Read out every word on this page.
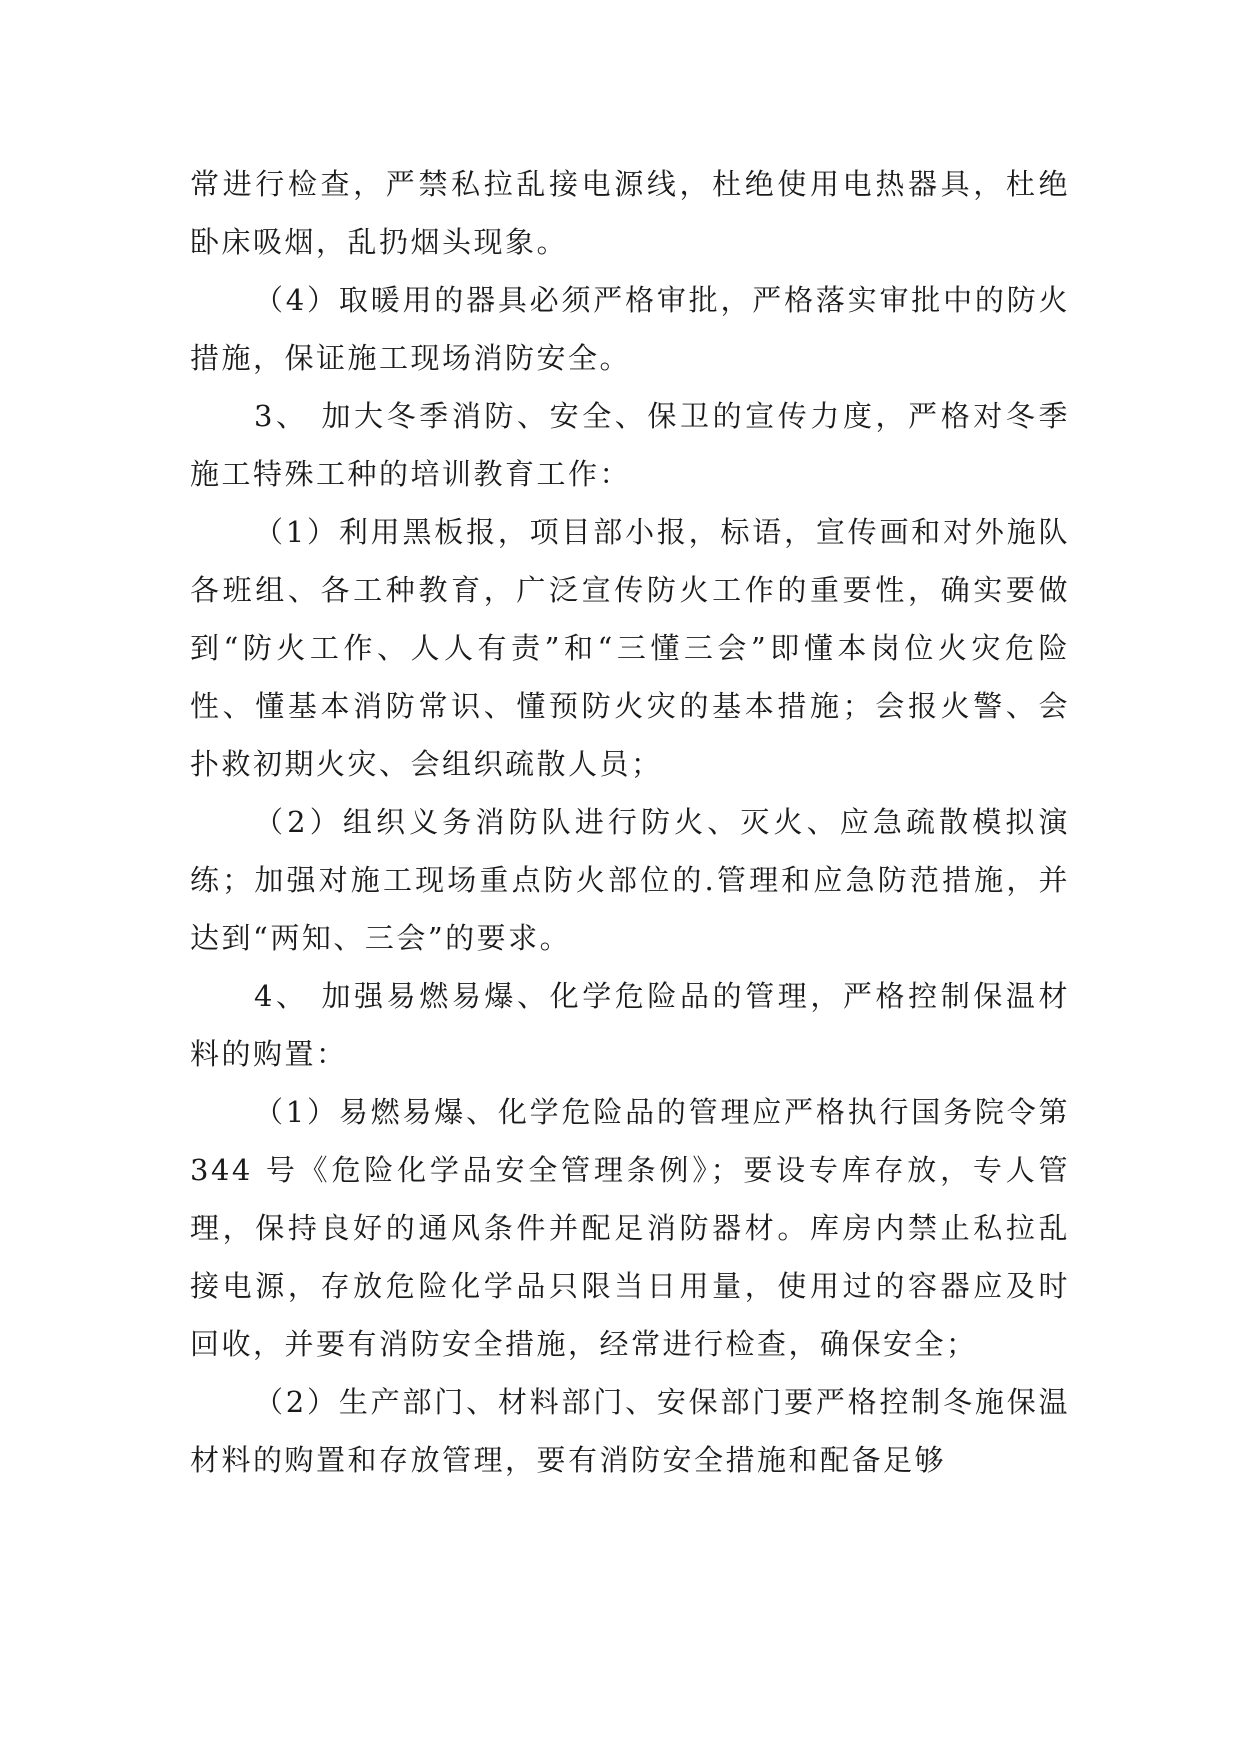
常进行检查，严禁私拉乱接电源线，杜绝使用电热器具，杜绝卧床吸烟，乱扔烟头现象。

（4）取暖用的器具必须严格审批，严格落实审批中的防火措施，保证施工现场消防安全。

3、 加大冬季消防、安全、保卫的宣传力度，严格对冬季施工特殊工种的培训教育工作：

（1）利用黑板报，项目部小报，标语，宣传画和对外施队各班组、各工种教育，广泛宣传防火工作的重要性，确实要做到“防火工作、人人有责”和“三懂三会”即懂本岗位火灾危险性、懂基本消防常识、懂预防火灾的基本措施；会报火警、会扑救初期火灾、会组织疏散人员；

（2）组织义务消防队进行防火、灭火、应急疏散模拟演练；加强对施工现场重点防火部位的.管理和应急防范措施，并达到“两知、三会”的要求。

4、 加强易燃易爆、化学危险品的管理，严格控制保温材料的购置：

（1）易燃易爆、化学危险品的管理应严格执行国务院令第 344 号《危险化学品安全管理条例》；要设专库存放，专人管理，保持良好的通风条件并配足消防器材。库房内禁止私拉乱接电源，存放危险化学品只限当日用量，使用过的容器应及时回收，并要有消防安全措施，经常进行检查，确保安全；

（2）生产部门、材料部门、安保部门要严格控制冬施保温材料的购置和存放管理，要有消防安全措施和配备足够
